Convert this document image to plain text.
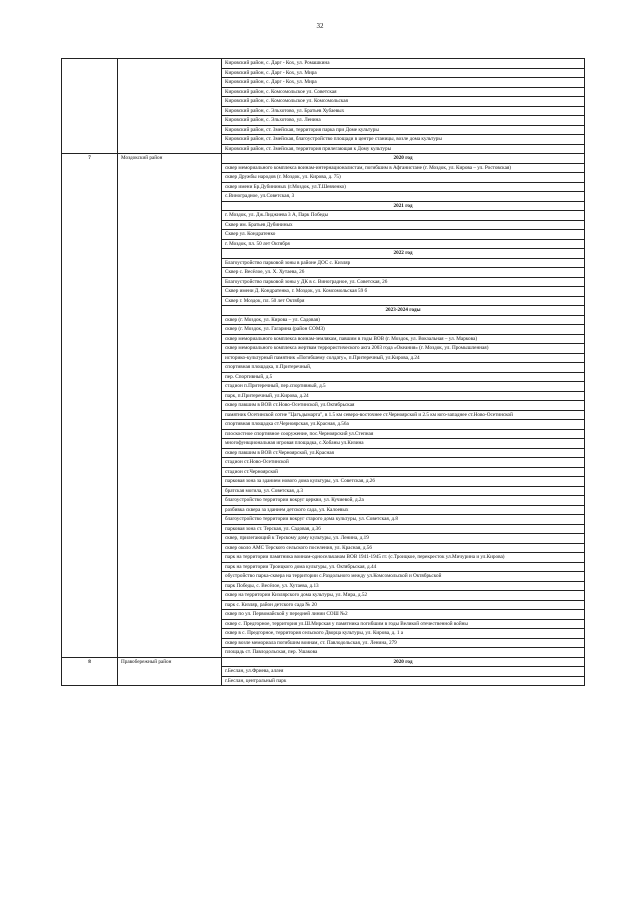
32
		Кировский район, с. Дарг - Кох, ул. Ромашкина
		Кировский район, с. Дарг - Кох, ул. Мира
		Кировский район, с. Дарг - Кох, ул. Мира
		Кировский район, с. Комсомольское ул. Советская
		Кировский район, с. Комсомольское ул. Комсомольская
		Кировский район, с. Эльхотово, ул. Братьев Хубаевых
		Кировский район, с. Эльхотово, ул. Ленина
		Кировский район, ст. Змейская, территория парка при Доме культуры
		Кировский район, ст. Змейская, благоустройство площади в центре станицы, возле дома культуры
		Кировский район, ст. Змейская, территория прилегающая к Дому культуры
7	Моздокский район	2020 год
		сквер мемориального комплекса воинам-интернационалистам, погибшим в Афганистане (г. Моздок, ул. Кирова – ул. Ростовская)
		сквер Дружбы народов (г. Моздок, ул. Кирова, д. 75)
		сквер имени Бр.Дубининых (г.Моздок, ул.Т.Шевченко)
		с.Виноградное, ул.Советская, 3
		2021 год
		г. Моздок, ул. Дж.Лиджиева 3 А, Парк Победы
		Сквер им. Братьев Дубининых
		Сквер ул. Кондратенко
		г. Моздок, пл. 50 лет Октября
		2022 год
		Благоустройство парковой зоны в районе ДОС с. Кизляр
		Сквер с. Весёлое, ул. Х. Хутаева, 26
		Благоустройство парковой зоны у ДК в с. Виноградное, ул. Советская, 26
		Сквер имени Д. Кондратенко, г. Моздок, ул. Комсомольская 59 б
		Сквер г. Моздок, пл. 50 лет Октября
		2023-2024 годы
		сквер (г. Моздок, ул. Кирова – ул. Садовая)
		сквер (г. Моздок, ул. Гагарина (район СОМЗ)
		сквер мемориального комплекса воинам-землякам, павшим в годы ВОВ (г. Моздок, ул. Вокзальная – ул. Маркова)
		сквер мемориального комплекса жертвам террористического акта 2003 года «Океания» (г. Моздок, ул. Промышленная)
		историко-культурный памятник «Погибшему солдату», п.Притеречный, ул.Кирова, д.24
		спортивная площадка, п.Притеречный,
		пер. Спортивный, д.5
		стадион п.Притеречный, пер.спортивный, д.5
		парк, п.Притеречный, ул.Кирова, д.24
		сквер павшим в ВОВ ст.Ново-Осетинской, ул.Октябрьская
		памятник Осетинской сотне "Цагъдымарта", в 1.5 км северо-восточнее ст.Черноярской и 2.5 км юго-западнее ст.Ново-Осетинской
		спортивная площадка ст.Черноярская, ул.Красная, д.56а
		плоскостное спортивное сооружение, пос.Черноярский ул.Степная
		многофункциональная игровая площадка, с.Хобаны ул.Кизина
		сквер павшим в ВОВ ст.Черноярской, ул.Красная
		стадион ст.Ново-Осетинской
		стадион ст.Черноярской
		парковая зона за зданием нового дома культуры, ул. Советская, д.26
		братская могила, ул. Советская, д.3
		благоустройство территории вокруг церкви, ул. Кучиевой, д.2а
		разбивка сквера за зданием детского сада, ул. Калоевых
		благоустройство территории вокруг старого дома культуры, ул. Советская, д.8
		парковая зона ст. Терская, ул. Садовая, д.36
		сквер, прилегающий к Терскому дому культуры, ул. Ленина, д.19
		сквер около АМС Терского сельского поселения, ул. Красная, д.56
		парк на территории памятника воинам-односельчанам ВОВ 1941-1945 гг. (с.Троицкое, перекресток ул.Мичурина и ул.Кирова)
		парк на территории Троицкого дома культуры, ул. Октябрьская, д.44
		обустройство парка-сквера на территории с.Раздольного между ул.Комсомольской и Октябрьской
		парк Победы, с. Весёлое, ул. Хутаева, д.13
		сквер на территории Кизлярского дома культуры, ул. Мира, д.52
		парк с. Кизляр, район детского сада № 20
		сквер по ул. Первомайской у передней линии СОШ №2
		сквер с. Предгорное, территория ул.Ш.Мирская у памятника погибшим в годы Великой отечественной войны
		сквер в с. Предгорное, территория сельского Дворца культуры, ул. Кирова, д. 1 а
		сквер возле мемориала погибшим воинам, ст. Павлодольская, ул. Ленина, 279
		площадь ст. Павлодольская, пер. Ушакова
8	Правобережный район	2020 год
		г.Беслан, ул.Фриева, аллея
		г.Беслан, центральный парк
